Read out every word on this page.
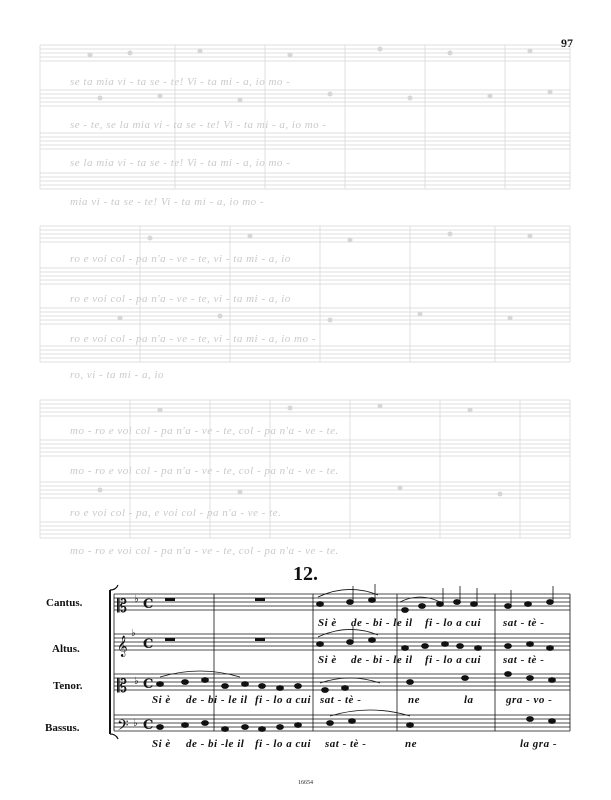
97
se ta mia vi - ta se - te! Vi - ta mi - a, io mo -
se - te, se la mia vi - ta se - te! Vi - ta mi - a, io mo -
se la mia vi - ta se - te! Vi - ta mi - a, io mo -
mia vi - ta se - te! Vi - ta mi - a, io mo -
ro e voi col - pa n'a - ve - te, vi - ta mi - a, io
ro e voi col - pa n'a - ve - te, vi - ta mi - a, io
ro e voi col - pa n'a - ve - te, vi - ta mi - a, io mo -
ro, vi - ta mi - a, io
mo - ro e voi col - pa n'a - ve - te, col - pa n'a - ve - te.
mo - ro e voi col - pa n'a - ve - te, col - pa n'a - ve - te.
ro e voi col - pa, e voi col - pa n'a - ve - te.
mo - ro e voi col - pa n'a - ve - te, col - pa n'a - ve - te.
12.
Cantus.
Altus.
Tenor.
Bassus.
𝄡
𝄞
𝄡
𝄢
♭
♭
♭
♭
C
C
C
C
Si è de - bi - le il fi - lo a cui sat - tè -
Si è de - bi - le il fi - lo a cui sat - tè -
Si è de - bi - le il fi - lo a cui sat - tè -	ne	la	gra - vo -
Si è de - bi - le il fi - lo a cui sat - tè -	ne	la gra -
16654
